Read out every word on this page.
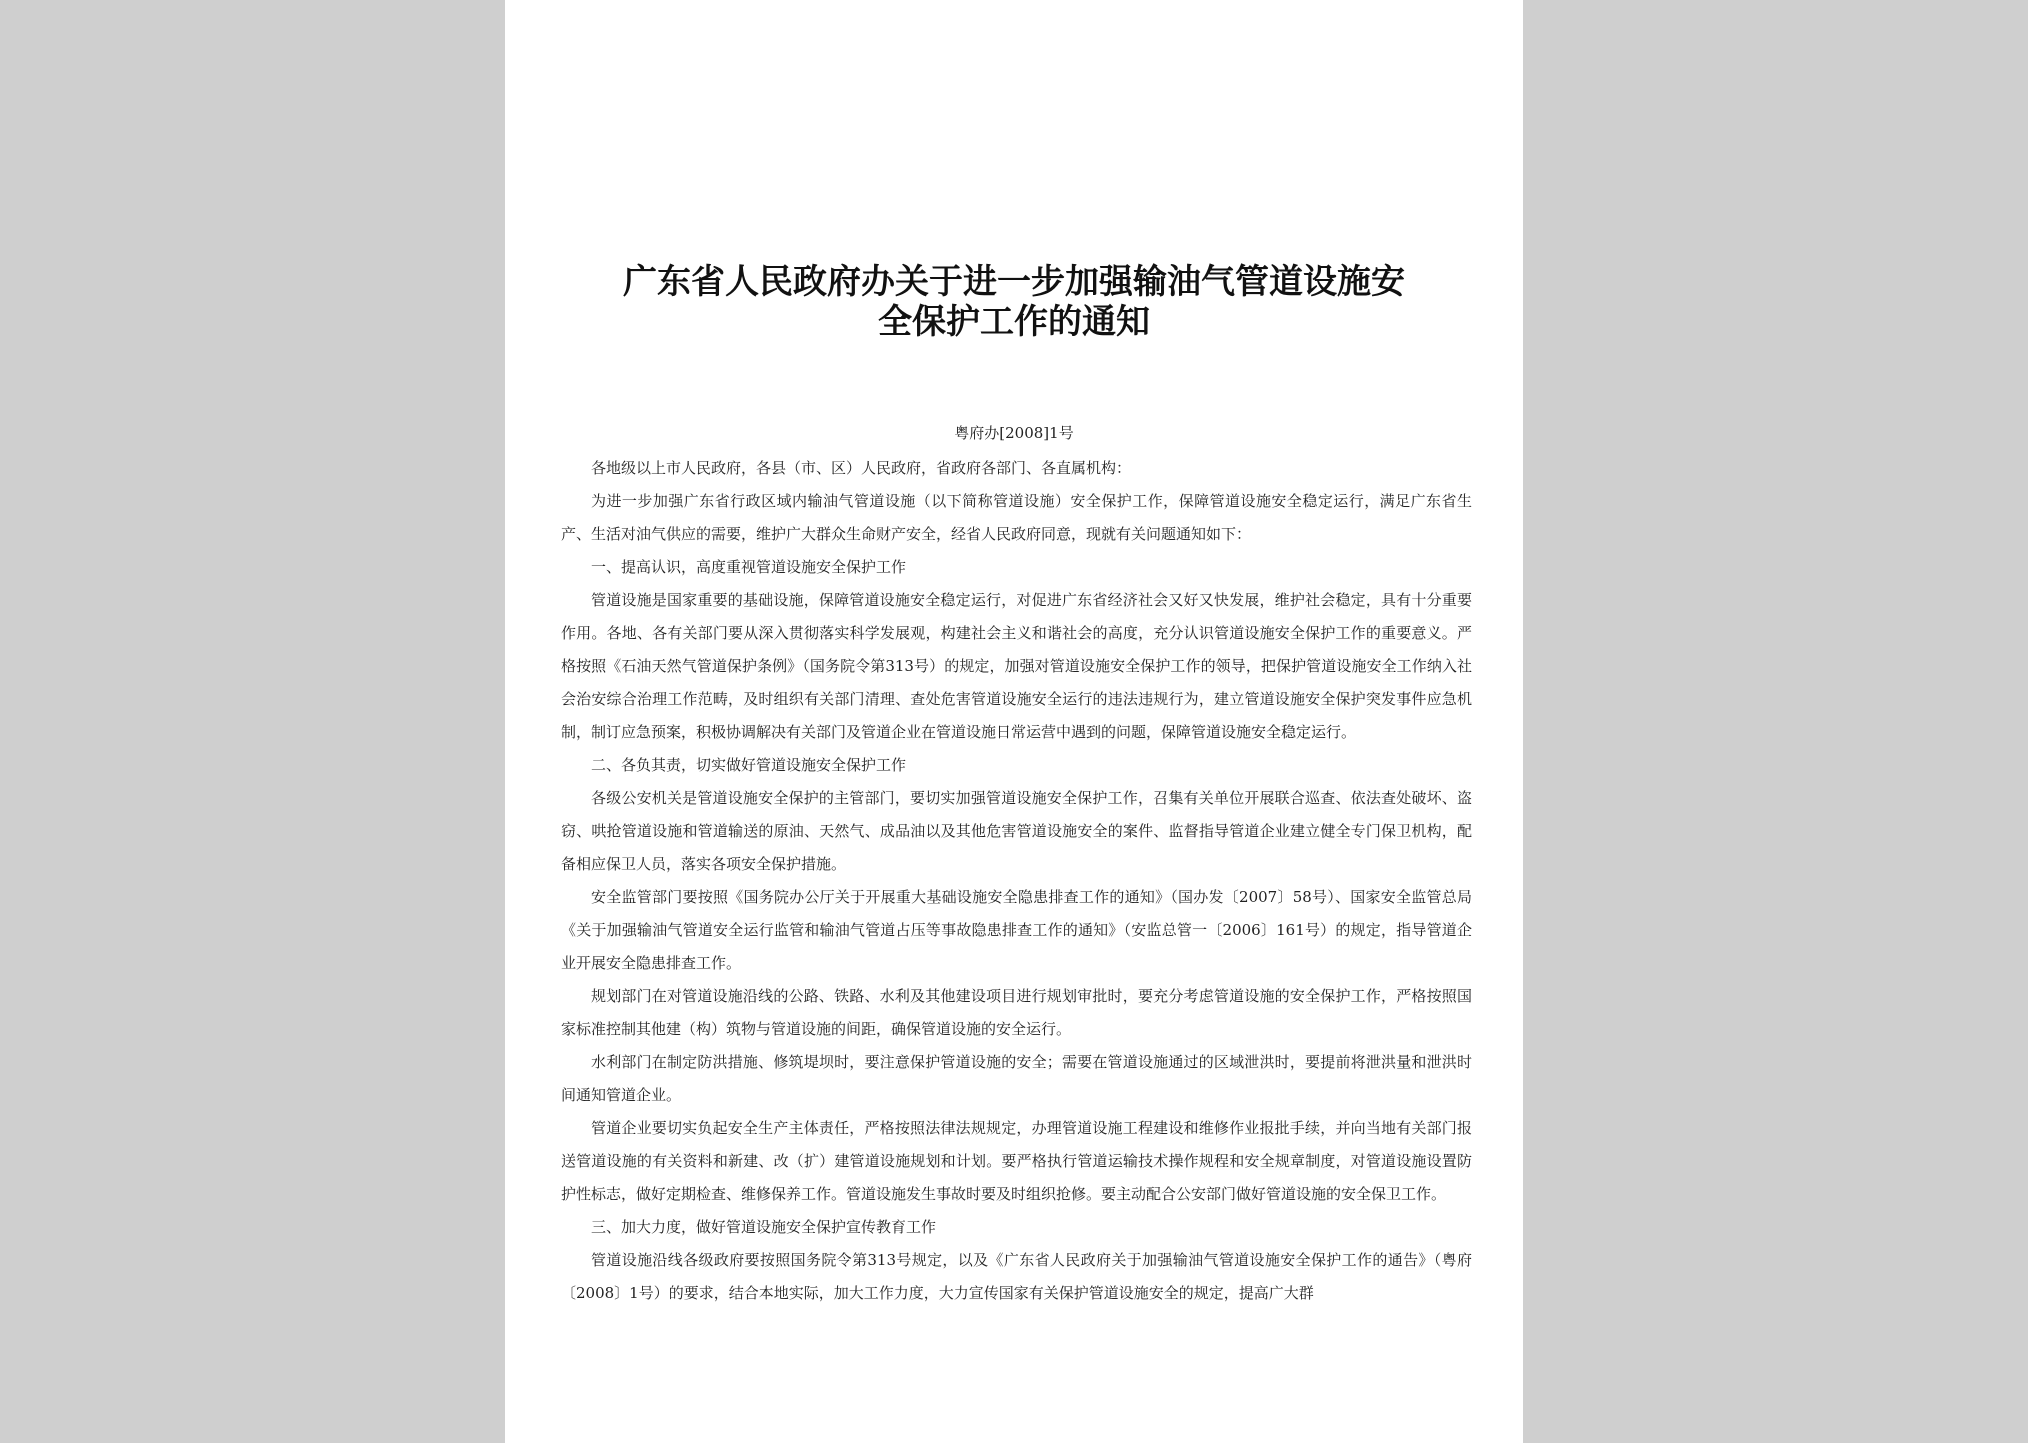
广东省人民政府办关于进一步加强输油气管道设施安
全保护工作的通知
粤府办[2008]1号

各地级以上市人民政府，各县（市、区）人民政府，省政府各部门、各直属机构：

为进一步加强广东省行政区域内输油气管道设施（以下简称管道设施）安全保护工作，保障管道设施安全稳定运行，满足广东省生产、生活对油气供应的需要，维护广大群众生命财产安全，经省人民政府同意，现就有关问题通知如下：

一、提高认识，高度重视管道设施安全保护工作

管道设施是国家重要的基础设施，保障管道设施安全稳定运行，对促进广东省经济社会又好又快发展，维护社会稳定，具有十分重要作用。各地、各有关部门要从深入贯彻落实科学发展观，构建社会主义和谐社会的高度，充分认识管道设施安全保护工作的重要意义。严格按照《石油天然气管道保护条例》（国务院令第313号）的规定，加强对管道设施安全保护工作的领导，把保护管道设施安全工作纳入社会治安综合治理工作范畴，及时组织有关部门清理、查处危害管道设施安全运行的违法违规行为，建立管道设施安全保护突发事件应急机制，制订应急预案，积极协调解决有关部门及管道企业在管道设施日常运营中遇到的问题，保障管道设施安全稳定运行。

二、各负其责，切实做好管道设施安全保护工作

各级公安机关是管道设施安全保护的主管部门，要切实加强管道设施安全保护工作，召集有关单位开展联合巡查、依法查处破坏、盗窃、哄抢管道设施和管道输送的原油、天然气、成品油以及其他危害管道设施安全的案件、监督指导管道企业建立健全专门保卫机构，配备相应保卫人员，落实各项安全保护措施。

安全监管部门要按照《国务院办公厅关于开展重大基础设施安全隐患排查工作的通知》（国办发〔2007〕58号）、国家安全监管总局《关于加强输油气管道安全运行监管和输油气管道占压等事故隐患排查工作的通知》（安监总管一〔2006〕161号）的规定，指导管道企业开展安全隐患排查工作。

规划部门在对管道设施沿线的公路、铁路、水利及其他建设项目进行规划审批时，要充分考虑管道设施的安全保护工作，严格按照国家标准控制其他建（构）筑物与管道设施的间距，确保管道设施的安全运行。

水利部门在制定防洪措施、修筑堤坝时，要注意保护管道设施的安全；需要在管道设施通过的区域泄洪时，要提前将泄洪量和泄洪时间通知管道企业。

管道企业要切实负起安全生产主体责任，严格按照法律法规规定，办理管道设施工程建设和维修作业报批手续，并向当地有关部门报送管道设施的有关资料和新建、改（扩）建管道设施规划和计划。要严格执行管道运输技术操作规程和安全规章制度，对管道设施设置防护性标志，做好定期检查、维修保养工作。管道设施发生事故时要及时组织抢修。要主动配合公安部门做好管道设施的安全保卫工作。

三、加大力度，做好管道设施安全保护宣传教育工作

管道设施沿线各级政府要按照国务院令第313号规定，以及《广东省人民政府关于加强输油气管道设施安全保护工作的通告》（粤府〔2008〕1号）的要求，结合本地实际，加大工作力度，大力宣传国家有关保护管道设施安全的规定，提高广大群
